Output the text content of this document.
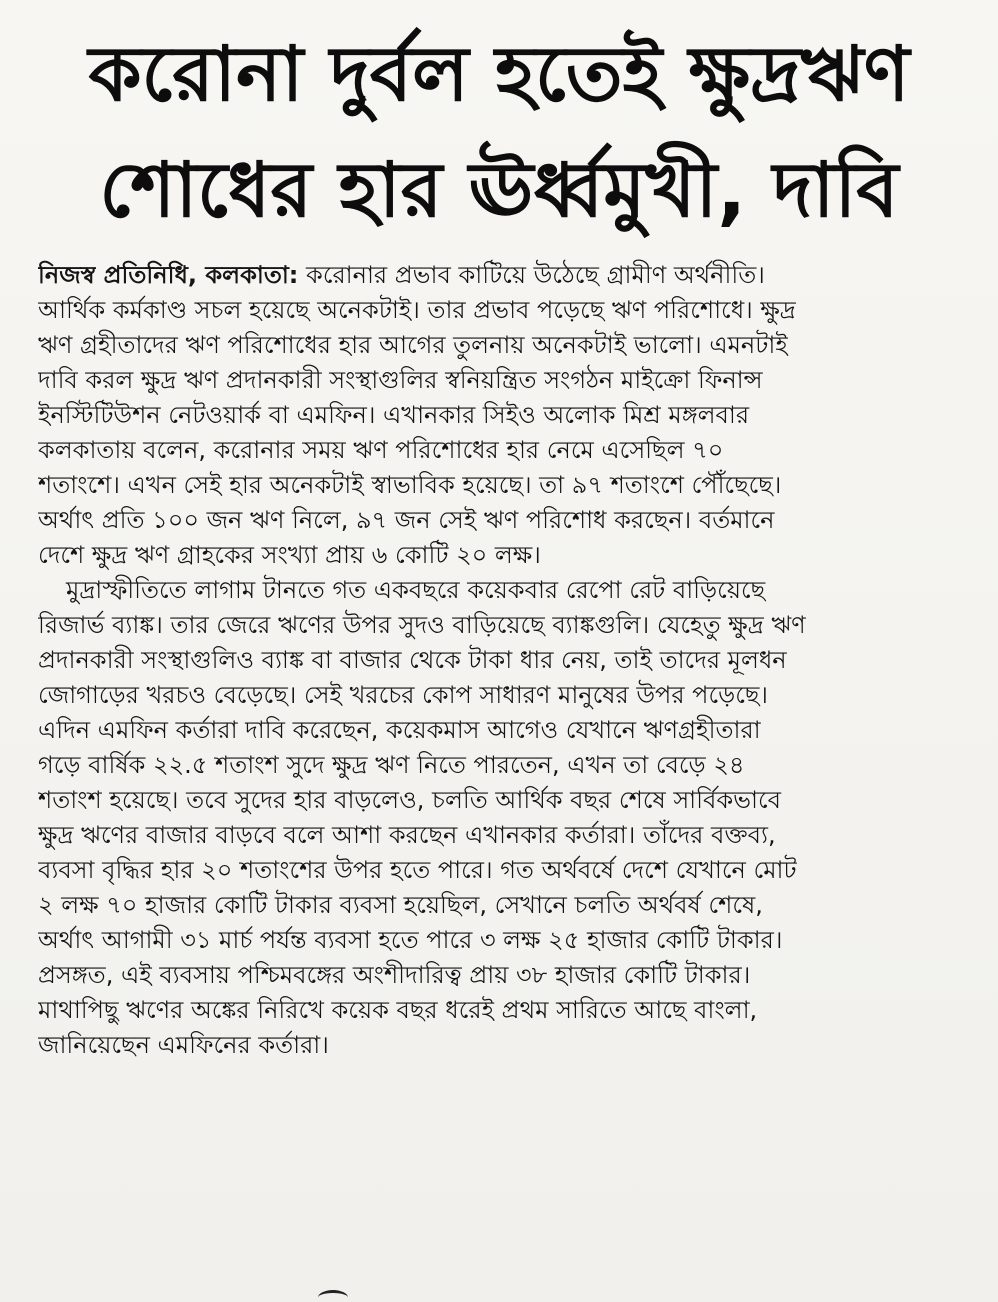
করোনা দুর্বল হতেই ক্ষুদ্রঋণ
শোধের হার ঊর্ধ্বমুখী, দাবি

নিজস্ব প্রতিনিধি, কলকাতা: করোনার প্রভাব কাটিয়ে উঠেছে গ্রামীণ অর্থনীতি।
আর্থিক কর্মকাণ্ড সচল হয়েছে অনেকটাই। তার প্রভাব পড়েছে ঋণ পরিশোধে। ক্ষুদ্র
ঋণ গ্রহীতাদের ঋণ পরিশোধের হার আগের তুলনায় অনেকটাই ভালো। এমনটাই
দাবি করল ক্ষুদ্র ঋণ প্রদানকারী সংস্থাগুলির স্বনিয়ন্ত্রিত সংগঠন মাইক্রো ফিনান্স
ইনস্টিটিউশন নেটওয়ার্ক বা এমফিন। এখানকার সিইও অলোক মিশ্র মঙ্গলবার
কলকাতায় বলেন, করোনার সময় ঋণ পরিশোধের হার নেমে এসেছিল ৭০
শতাংশে। এখন সেই হার অনেকটাই স্বাভাবিক হয়েছে। তা ৯৭ শতাংশে পৌঁছেছে।
অর্থাৎ প্রতি ১০০ জন ঋণ নিলে, ৯৭ জন সেই ঋণ পরিশোধ করছেন। বর্তমানে
দেশে ক্ষুদ্র ঋণ গ্রাহকের সংখ্যা প্রায় ৬ কোটি ২০ লক্ষ।

মুদ্রাস্ফীতিতে লাগাম টানতে গত একবছরে কয়েকবার রেপো রেট বাড়িয়েছে
রিজার্ভ ব্যাঙ্ক। তার জেরে ঋণের উপর সুদও বাড়িয়েছে ব্যাঙ্কগুলি। যেহেতু ক্ষুদ্র ঋণ
প্রদানকারী সংস্থাগুলিও ব্যাঙ্ক বা বাজার থেকে টাকা ধার নেয়, তাই তাদের মূলধন
জোগাড়ের খরচও বেড়েছে। সেই খরচের কোপ সাধারণ মানুষের উপর পড়েছে।
এদিন এমফিন কর্তারা দাবি করেছেন, কয়েকমাস আগেও যেখানে ঋণগ্রহীতারা
গড়ে বার্ষিক ২২.৫ শতাংশ সুদে ক্ষুদ্র ঋণ নিতে পারতেন, এখন তা বেড়ে ২৪
শতাংশ হয়েছে। তবে সুদের হার বাড়লেও, চলতি আর্থিক বছর শেষে সার্বিকভাবে
ক্ষুদ্র ঋণের বাজার বাড়বে বলে আশা করছেন এখানকার কর্তারা। তাঁদের বক্তব্য,
ব্যবসা বৃদ্ধির হার ২০ শতাংশের উপর হতে পারে। গত অর্থবর্ষে দেশে যেখানে মোট
২ লক্ষ ৭০ হাজার কোটি টাকার ব্যবসা হয়েছিল, সেখানে চলতি অর্থবর্ষ শেষে,
অর্থাৎ আগামী ৩১ মার্চ পর্যন্ত ব্যবসা হতে পারে ৩ লক্ষ ২৫ হাজার কোটি টাকার।
প্রসঙ্গত, এই ব্যবসায় পশ্চিমবঙ্গের অংশীদারিত্ব প্রায় ৩৮ হাজার কোটি টাকার।
মাথাপিছু ঋণের অঙ্কের নিরিখে কয়েক বছর ধরেই প্রথম সারিতে আছে বাংলা,
জানিয়েছেন এমফিনের কর্তারা।
